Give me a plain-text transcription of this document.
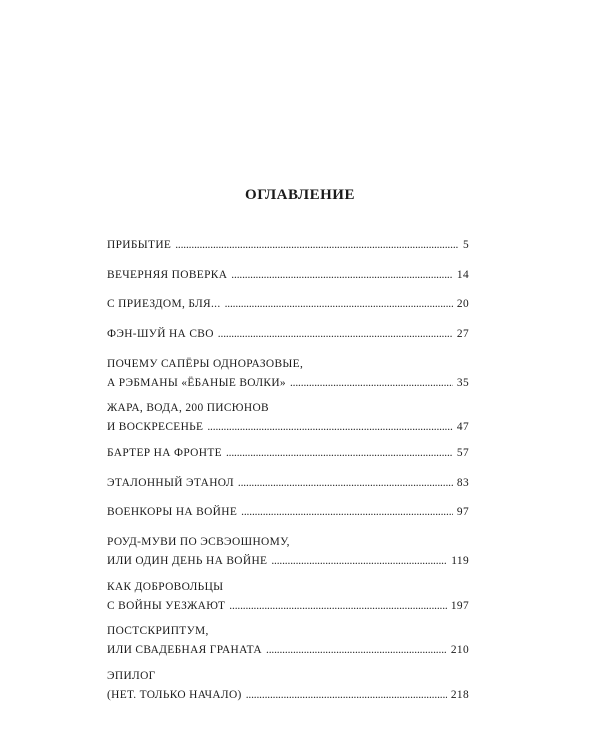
ОГЛАВЛЕНИЕ
ПРИБЫТИЕ . . .	5
ВЕЧЕРНЯЯ ПОВЕРКА . . .	14
С ПРИЕЗДОМ, БЛЯ... . . .	20
ФЭН-ШУЙ НА СВО . . .	27
ПОЧЕМУ САПЁРЫ ОДНОРАЗОВЫЕ,
А РЭБМАНЫ «ЁБАНЫЕ ВОЛКИ» . . .	35
ЖАРА, ВОДА, 200 ПИСЮНОВ
И ВОСКРЕСЕНЬЕ . . .	47
БАРТЕР НА ФРОНТЕ . . .	57
ЭТАЛОННЫЙ ЭТАНОЛ . . .	83
ВОЕНКОРЫ НА ВОЙНЕ . . .	97
РОУД-МУВИ ПО ЭСВЭОШНОМУ,
ИЛИ ОДИН ДЕНЬ НА ВОЙНЕ . . .	119
КАК ДОБРОВОЛЬЦЫ
С ВОЙНЫ УЕЗЖАЮТ . . .	197
ПОСТСКРИПТУМ,
ИЛИ СВАДЕБНАЯ ГРАНАТА . . .	210
ЭПИЛОГ
(НЕТ. ТОЛЬКО НАЧАЛО) . . .	218
